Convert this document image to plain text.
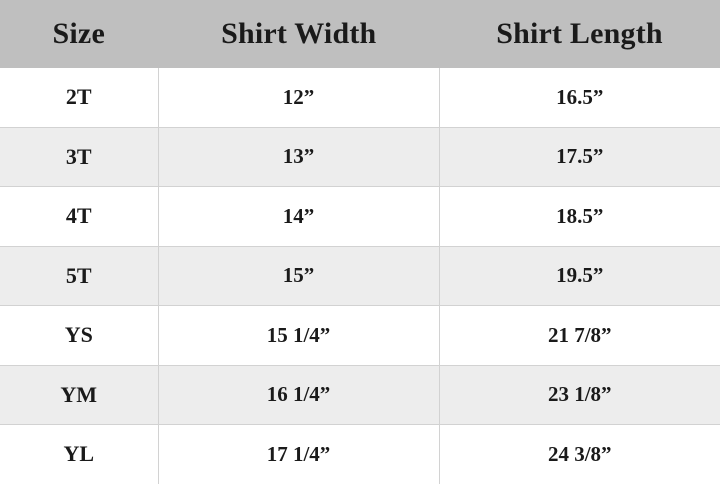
Size	Shirt Width	Shirt Length
2T	12”	16.5”
3T	13”	17.5”
4T	14”	18.5”
5T	15”	19.5”
YS	15 1/4”	21 7/8”
YM	16 1/4”	23 1/8”
YL	17 1/4”	24 3/8”
